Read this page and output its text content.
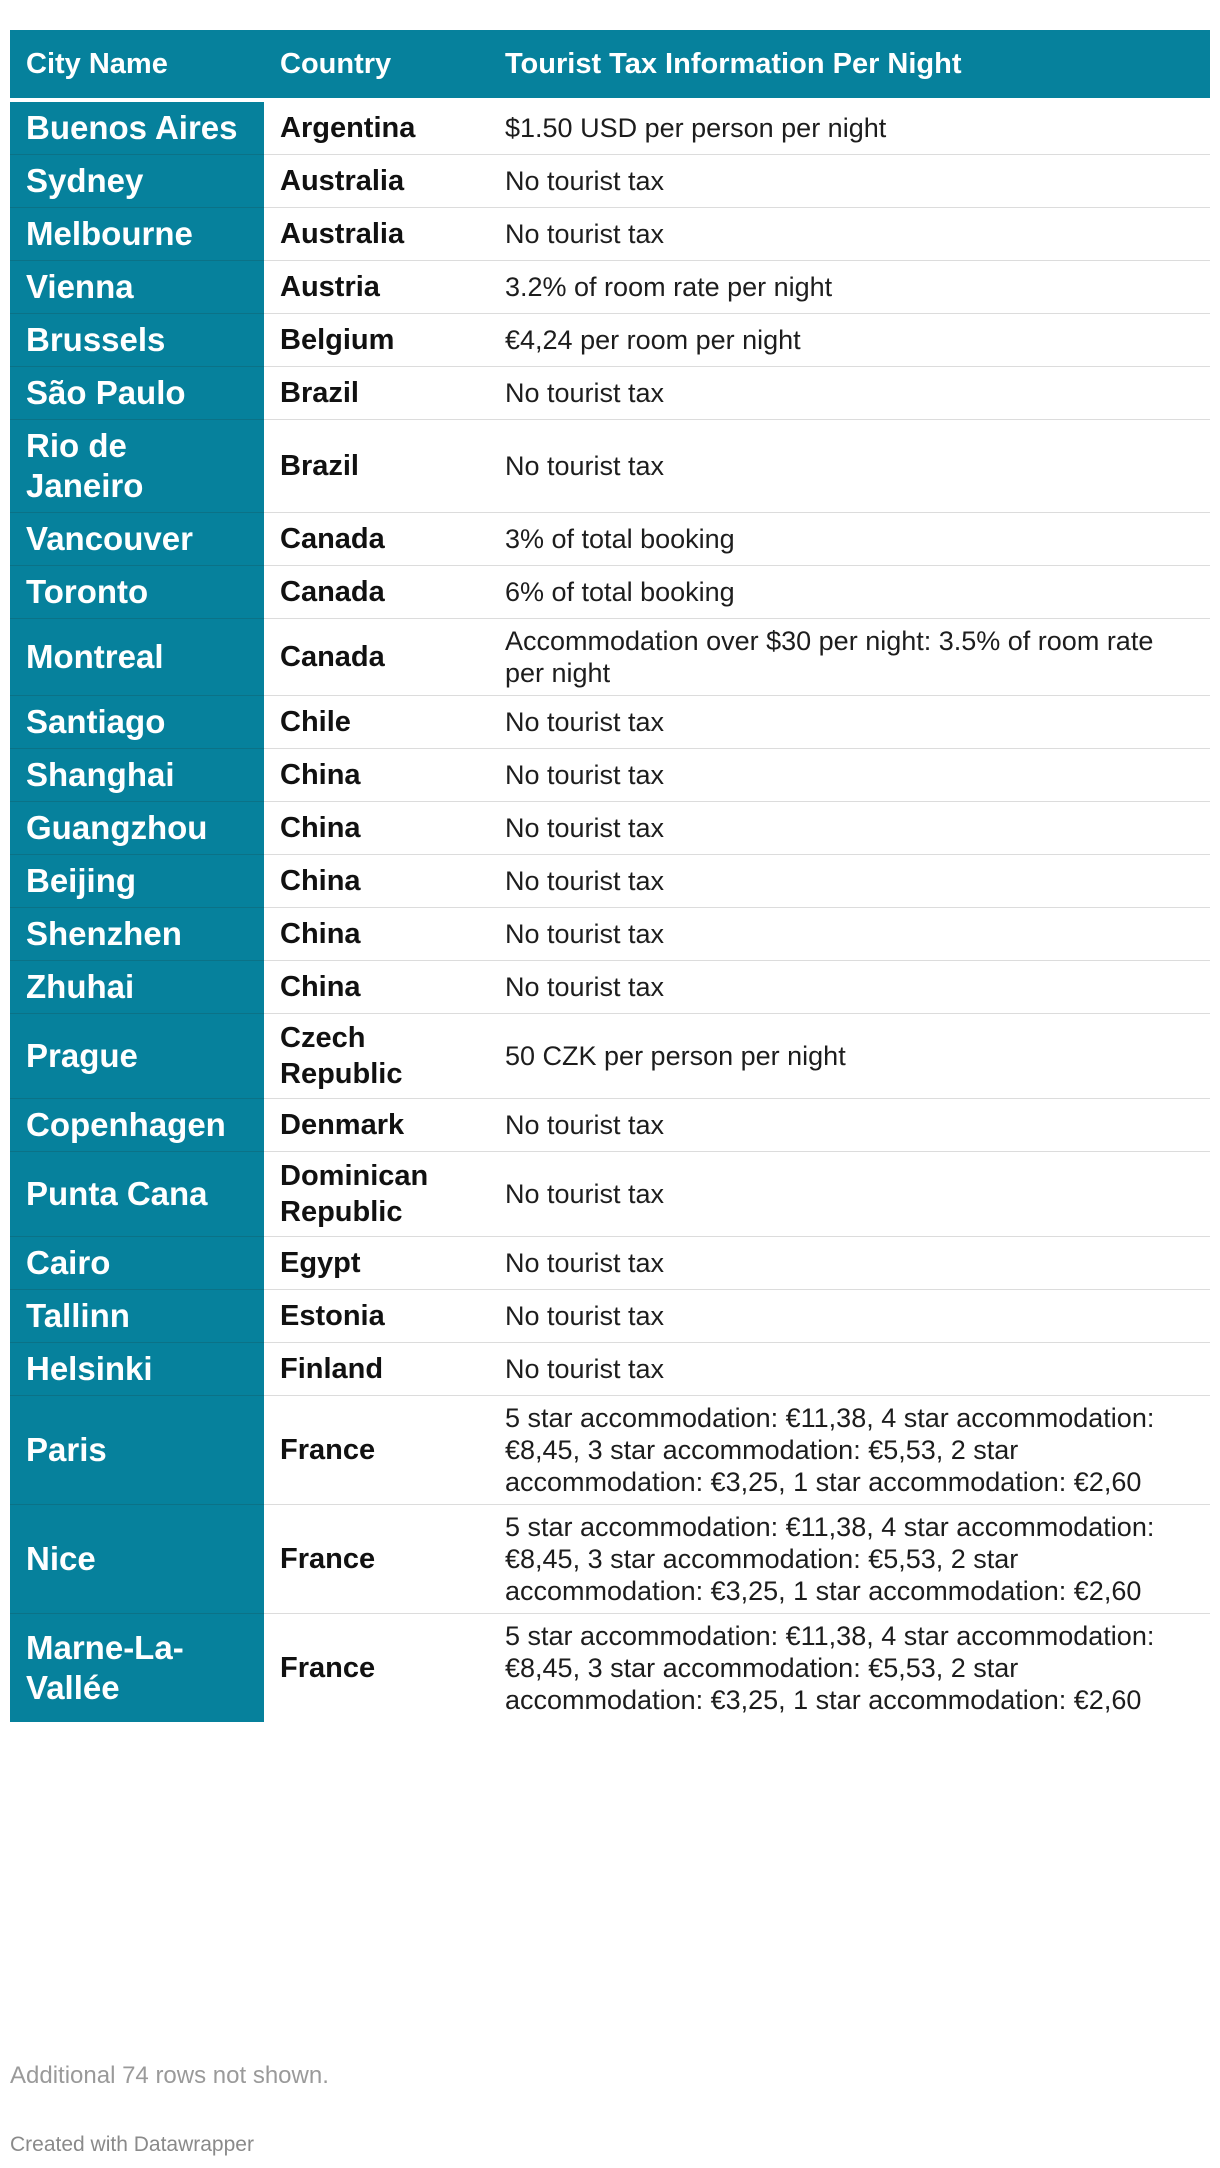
City Name	Country	Tourist Tax Information Per Night
Buenos Aires	Argentina	$1.50 USD per person per night
Sydney	Australia	No tourist tax
Melbourne	Australia	No tourist tax
Vienna	Austria	3.2% of room rate per night
Brussels	Belgium	€4,24 per room per night
São Paulo	Brazil	No tourist tax
Rio de Janeiro	Brazil	No tourist tax
Vancouver	Canada	3% of total booking
Toronto	Canada	6% of total booking
Montreal	Canada	Accommodation over $30 per night: 3.5% of room rate per night
Santiago	Chile	No tourist tax
Shanghai	China	No tourist tax
Guangzhou	China	No tourist tax
Beijing	China	No tourist tax
Shenzhen	China	No tourist tax
Zhuhai	China	No tourist tax
Prague	Czech Republic	50 CZK per person per night
Copenhagen	Denmark	No tourist tax
Punta Cana	Dominican Republic	No tourist tax
Cairo	Egypt	No tourist tax
Tallinn	Estonia	No tourist tax
Helsinki	Finland	No tourist tax
Paris	France	5 star accommodation: €11,38, 4 star accommodation: €8,45, 3 star accommodation: €5,53, 2 star accommodation: €3,25, 1 star accommodation: €2,60
Nice	France	5 star accommodation: €11,38, 4 star accommodation: €8,45, 3 star accommodation: €5,53, 2 star accommodation: €3,25, 1 star accommodation: €2,60
Marne-La-Vallée	France	5 star accommodation: €11,38, 4 star accommodation: €8,45, 3 star accommodation: €5,53, 2 star accommodation: €3,25, 1 star accommodation: €2,60
Additional 74 rows not shown.
Created with Datawrapper
